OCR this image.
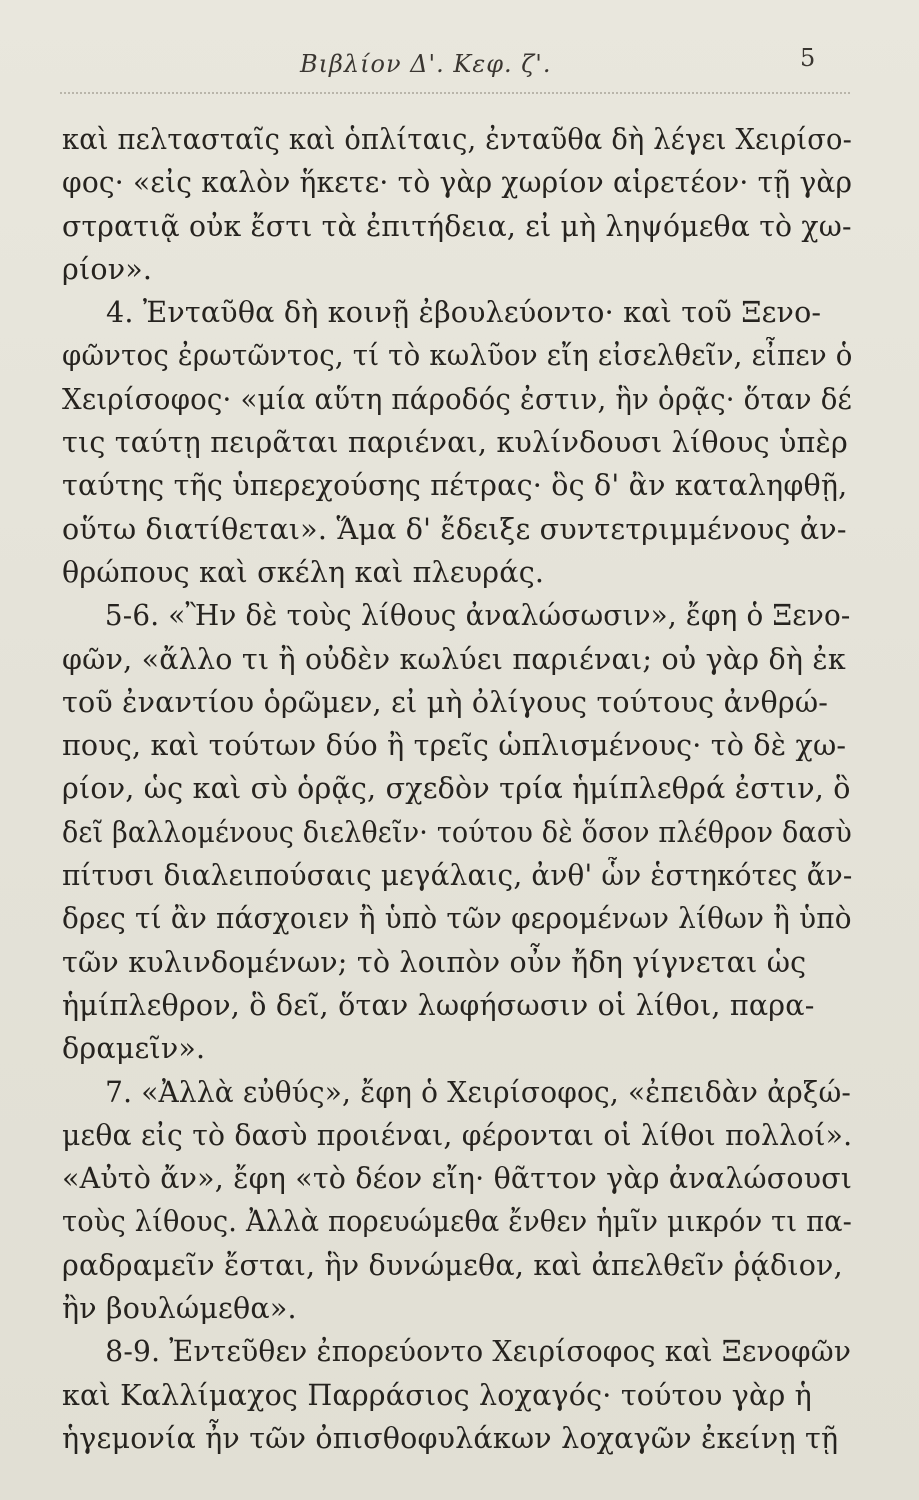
Βιβλίον Δ'. Κεφ. ζ'.	5
καὶ πελτασταῖς καὶ ὁπλίταις, ἐνταῦθα δὴ λέγει Χειρίσο-
φος· «εἰς καλὸν ἥκετε· τὸ γὰρ χωρίον αἱρετέον· τῇ γὰρ
στρατιᾷ οὐκ ἔστι τὰ ἐπιτήδεια, εἰ μὴ ληψόμεθα τὸ χω-
ρίον».
4. Ἐνταῦθα δὴ κοινῇ ἐβουλεύοντο· καὶ τοῦ Ξενο-
φῶντος ἐρωτῶντος, τί τὸ κωλῦον εἴη εἰσελθεῖν, εἶπεν ὁ
Χειρίσοφος· «μία αὕτη πάροδός ἐστιν, ἣν ὁρᾷς· ὅταν δέ
τις ταύτῃ πειρᾶται παριέναι, κυλίνδουσι λίθους ὑπὲρ
ταύτης τῆς ὑπερεχούσης πέτρας· ὃς δ' ἂν καταληφθῇ,
οὕτω διατίθεται». Ἅμα δ' ἔδειξε συντετριμμένους ἀν-
θρώπους καὶ σκέλη καὶ πλευράς.
5-6. «Ἢν δὲ τοὺς λίθους ἀναλώσωσιν», ἔφη ὁ Ξενο-
φῶν, «ἄλλο τι ἢ οὐδὲν κωλύει παριέναι; οὐ γὰρ δὴ ἐκ
τοῦ ἐναντίου ὁρῶμεν, εἰ μὴ ὀλίγους τούτους ἀνθρώ-
πους, καὶ τούτων δύο ἢ τρεῖς ὡπλισμένους· τὸ δὲ χω-
ρίον, ὡς καὶ σὺ ὁρᾷς, σχεδὸν τρία ἡμίπλεθρά ἐστιν, ὃ
δεῖ βαλλομένους διελθεῖν· τούτου δὲ ὅσον πλέθρον δασὺ
πίτυσι διαλειπούσαις μεγάλαις, ἀνθ' ὧν ἑστηκότες ἄν-
δρες τί ἂν πάσχοιεν ἢ ὑπὸ τῶν φερομένων λίθων ἢ ὑπὸ
τῶν κυλινδομένων; τὸ λοιπὸν οὖν ἤδη γίγνεται ὡς
ἡμίπλεθρον, ὃ δεῖ, ὅταν λωφήσωσιν οἱ λίθοι, παρα-
δραμεῖν».
7. «Ἀλλὰ εὐθύς», ἔφη ὁ Χειρίσοφος, «ἐπειδὰν ἀρξώ-
μεθα εἰς τὸ δασὺ προιέναι, φέρονται οἱ λίθοι πολλοί».
«Αὐτὸ ἄν», ἔφη «τὸ δέον εἴη· θᾶττον γὰρ ἀναλώσουσι
τοὺς λίθους. Ἀλλὰ πορευώμεθα ἔνθεν ἡμῖν μικρόν τι πα-
ραδραμεῖν ἔσται, ἣν δυνώμεθα, καὶ ἀπελθεῖν ῥᾴδιον,
ἢν βουλώμεθα».
8-9. Ἐντεῦθεν ἐπορεύοντο Χειρίσοφος καὶ Ξενοφῶν
καὶ Καλλίμαχος Παρράσιος λοχαγός· τούτου γὰρ ἡ
ἡγεμονία ἦν τῶν ὀπισθοφυλάκων λοχαγῶν ἐκείνῃ τῇ
